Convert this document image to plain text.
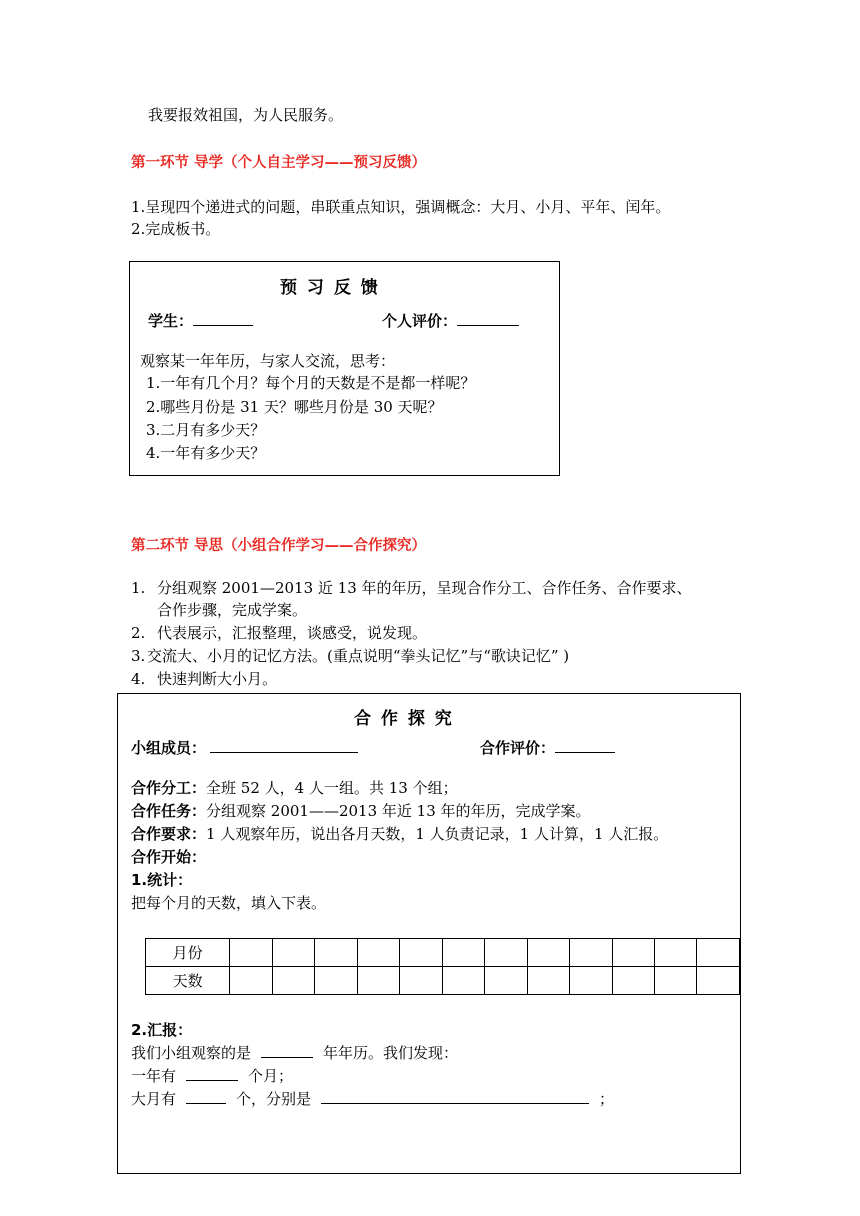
我要报效祖国，为人民服务。
第一环节 导学（个人自主学习——预习反馈）
1.呈现四个递进式的问题，串联重点知识，强调概念：大月、小月、平年、闰年。
2.完成板书。
预 习 反 馈
学生：	个人评价：
观察某一年年历，与家人交流，思考：
1.一年有几个月？每个月的天数是不是都一样呢？
2.哪些月份是 31 天？哪些月份是 30 天呢？
3.二月有多少天？
4.一年有多少天？
第二环节 导思（小组合作学习——合作探究）
1. 分组观察 2001—2013 近 13 年的年历，呈现合作分工、合作任务、合作要求、
合作步骤，完成学案。
2. 代表展示，汇报整理，谈感受，说发现。
3. 交流大、小月的记忆方法。(重点说明“拳头记忆”与“歌诀记忆” )
4. 快速判断大小月。
合 作 探 究
小组成员：	合作评价：
合作分工：全班 52 人，4 人一组。共 13 个组；
合作任务：分组观察 2001——2013 年近 13 年的年历，完成学案。
合作要求：1 人观察年历，说出各月天数，1 人负责记录，1 人计算，1 人汇报。
合作开始：
1.统计：
把每个月的天数，填入下表。
月份												
天数												
2.汇报：
我们小组观察的是	年年历。我们发现：
一年有	个月；
大月有	个，分别是	；
